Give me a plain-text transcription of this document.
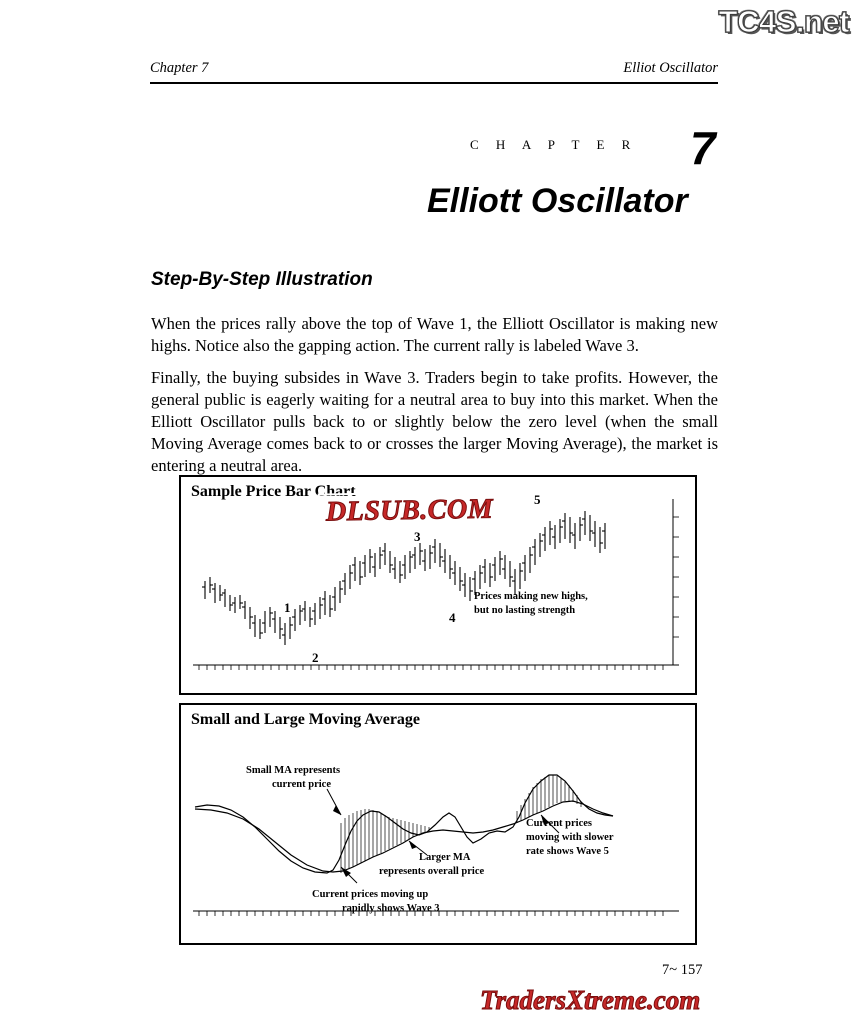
TC4S.net
Chapter 7	Elliot Oscillator
C H A P T E R 7
Elliott Oscillator
Step-By-Step Illustration
When the prices rally above the top of Wave 1, the Elliott Oscillator is making new highs. Notice also the gapping action. The current rally is labeled Wave 3.
Finally, the buying subsides in Wave 3. Traders begin to take profits. However, the general public is eagerly waiting for a neutral area to buy into this market. When the Elliott Oscillator pulls back to or slightly below the zero level (when the small Moving Average comes back to or crosses the larger Moving Average), the market is entering a neutral area.
Sample Price Bar Chart
1
2
3
4
5
Prices making new highs,
but no lasting strength
Small and Large Moving Average
Small MA represents
current price
Larger MA
represents overall price
Current prices moving up
rapidly shows Wave 3
Current prices
moving with slower
rate shows Wave 5
DLSUB.COM
7~ 157
TradersXtreme.com
